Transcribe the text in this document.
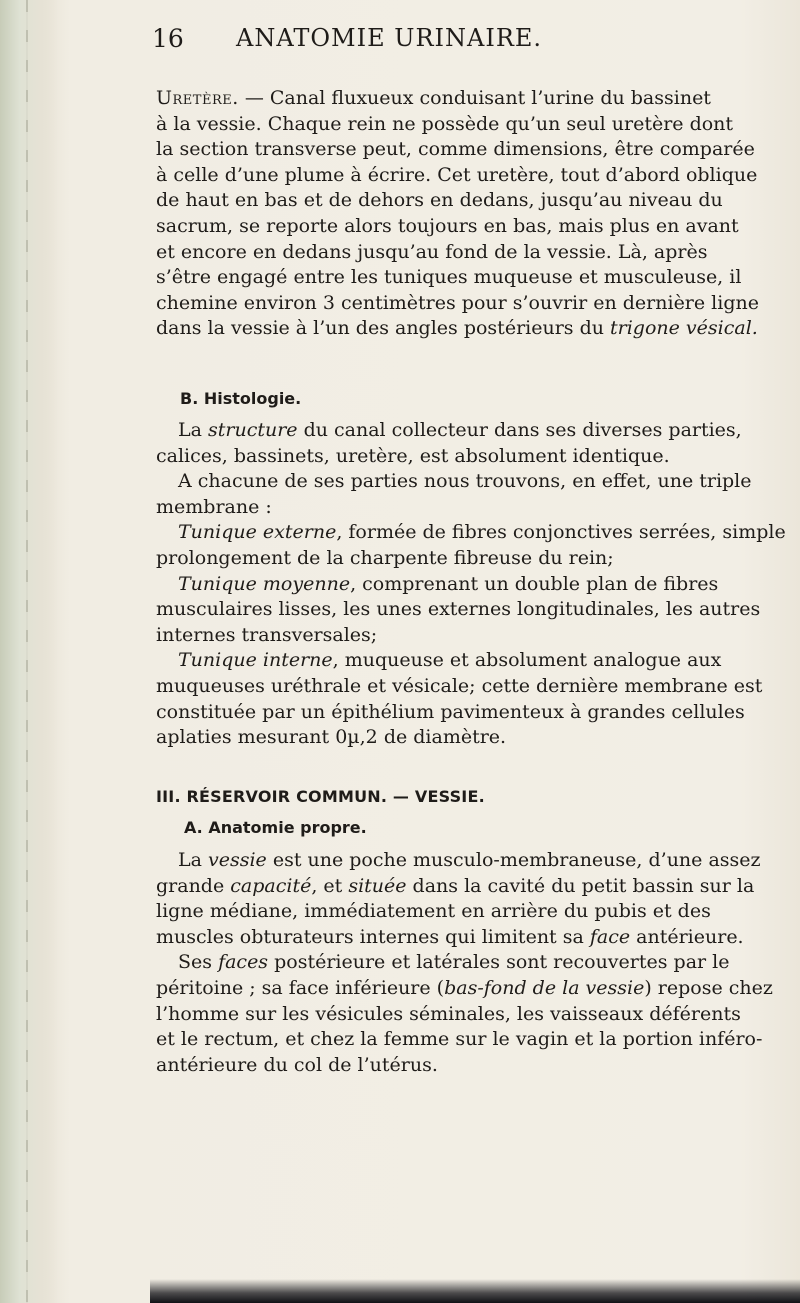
16 ANATOMIE URINAIRE.
Uretère. — Canal fluxueux conduisant l’urine du bassinet
à la vessie. Chaque rein ne possède qu’un seul uretère dont
la section transverse peut, comme dimensions, être comparée
à celle d’une plume à écrire. Cet uretère, tout d’abord oblique
de haut en bas et de dehors en dedans, jusqu’au niveau du
sacrum, se reporte alors toujours en bas, mais plus en avant
et encore en dedans jusqu’au fond de la vessie. Là, après
s’être engagé entre les tuniques muqueuse et musculeuse, il
chemine environ 3 centimètres pour s’ouvrir en dernière ligne
dans la vessie à l’un des angles postérieurs du trigone vésical.
B. Histologie.
La structure du canal collecteur dans ses diverses parties,
calices, bassinets, uretère, est absolument identique.
A chacune de ses parties nous trouvons, en effet, une triple
membrane :
Tunique externe, formée de fibres conjonctives serrées, simple
prolongement de la charpente fibreuse du rein;
Tunique moyenne, comprenant un double plan de fibres
musculaires lisses, les unes externes longitudinales, les autres
internes transversales;
Tunique interne, muqueuse et absolument analogue aux
muqueuses uréthrale et vésicale; cette dernière membrane est
constituée par un épithélium pavimenteux à grandes cellules
aplaties mesurant 0µ,2 de diamètre.
III. RÉSERVOIR COMMUN. — VESSIE.
A. Anatomie propre.
La vessie est une poche musculo-membraneuse, d’une assez
grande capacité, et située dans la cavité du petit bassin sur la
ligne médiane, immédiatement en arrière du pubis et des
muscles obturateurs internes qui limitent sa face antérieure.
Ses faces postérieure et latérales sont recouvertes par le
péritoine ; sa face inférieure (bas-fond de la vessie) repose chez
l’homme sur les vésicules séminales, les vaisseaux déférents
et le rectum, et chez la femme sur le vagin et la portion inféro-
antérieure du col de l’utérus.
